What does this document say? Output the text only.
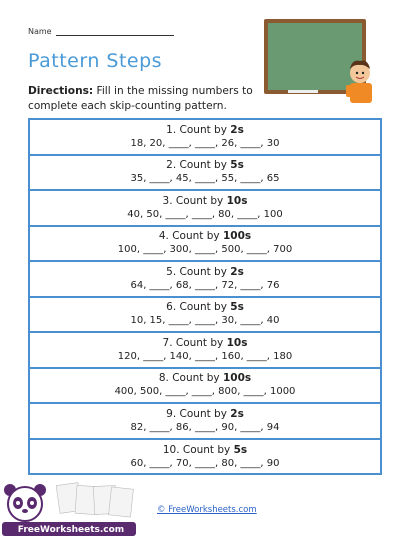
Name
Pattern Steps
Directions: Fill in the missing numbers to complete each skip-counting pattern.
1. Count by 2s
18, 20, ____, ____, 26, ____, 30
2. Count by 5s
35, ____, 45, ____, 55, ____, 65
3. Count by 10s
40, 50, ____, ____, 80, ____, 100
4. Count by 100s
100, ____, 300, ____, 500, ____, 700
5. Count by 2s
64, ____, 68, ____, 72, ____, 76
6. Count by 5s
10, 15, ____, ____, 30, ____, 40
7. Count by 10s
120, ____, 140, ____, 160, ____, 180
8. Count by 100s
400, 500, ____, ____, 800, ____, 1000
9. Count by 2s
82, ____, 86, ____, 90, ____, 94
10. Count by 5s
60, ____, 70, ____, 80, ____, 90
FreeWorksheets.com
© FreeWorksheets.com
